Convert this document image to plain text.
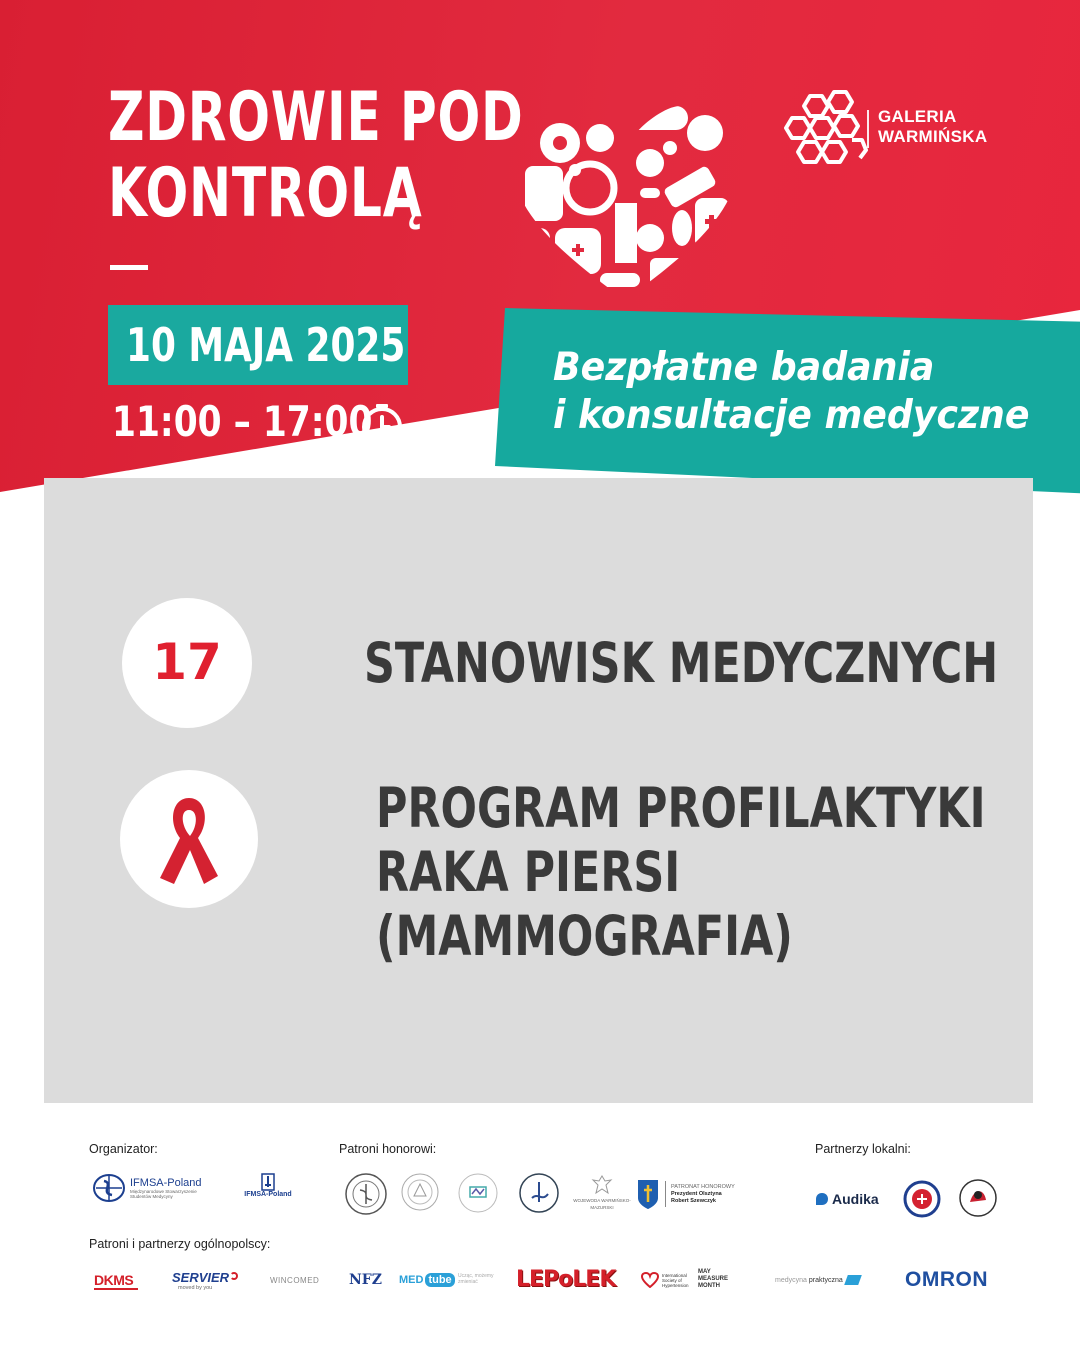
ZDROWIE POD
KONTROLĄ
10 MAJA 2025
11:00 – 17:00
GALERIA
WARMIŃSKA
Bezpłatne badania
i konsultacje medyczne
17	STANOWISK MEDYCZNYCH
PROGRAM PROFILAKTYKI
RAKA PIERSI
(MAMMOGRAFIA)
Organizator:	Patroni honorowi:	Partnerzy lokalni:
Patroni i partnerzy ogólnopolscy:
IFMSA-Poland
Międzynarodowe Stowarzyszenie Studentów Medycyny	IFMSA-Poland
WOJEWODA WARMIŃSKO-MAZURSKI
PATRONAT HONOROWY
Prezydent Olsztyna
Robert Szewczyk	Audika
DKMS	SERVIER
moved by you
WINCOMED NFZ MED tube	Ucząc, możemy zmieniać	LEPoLEK	International Society of Hypertension
MAY MEASURE MONTH
medycyna praktyczna	OMRON
